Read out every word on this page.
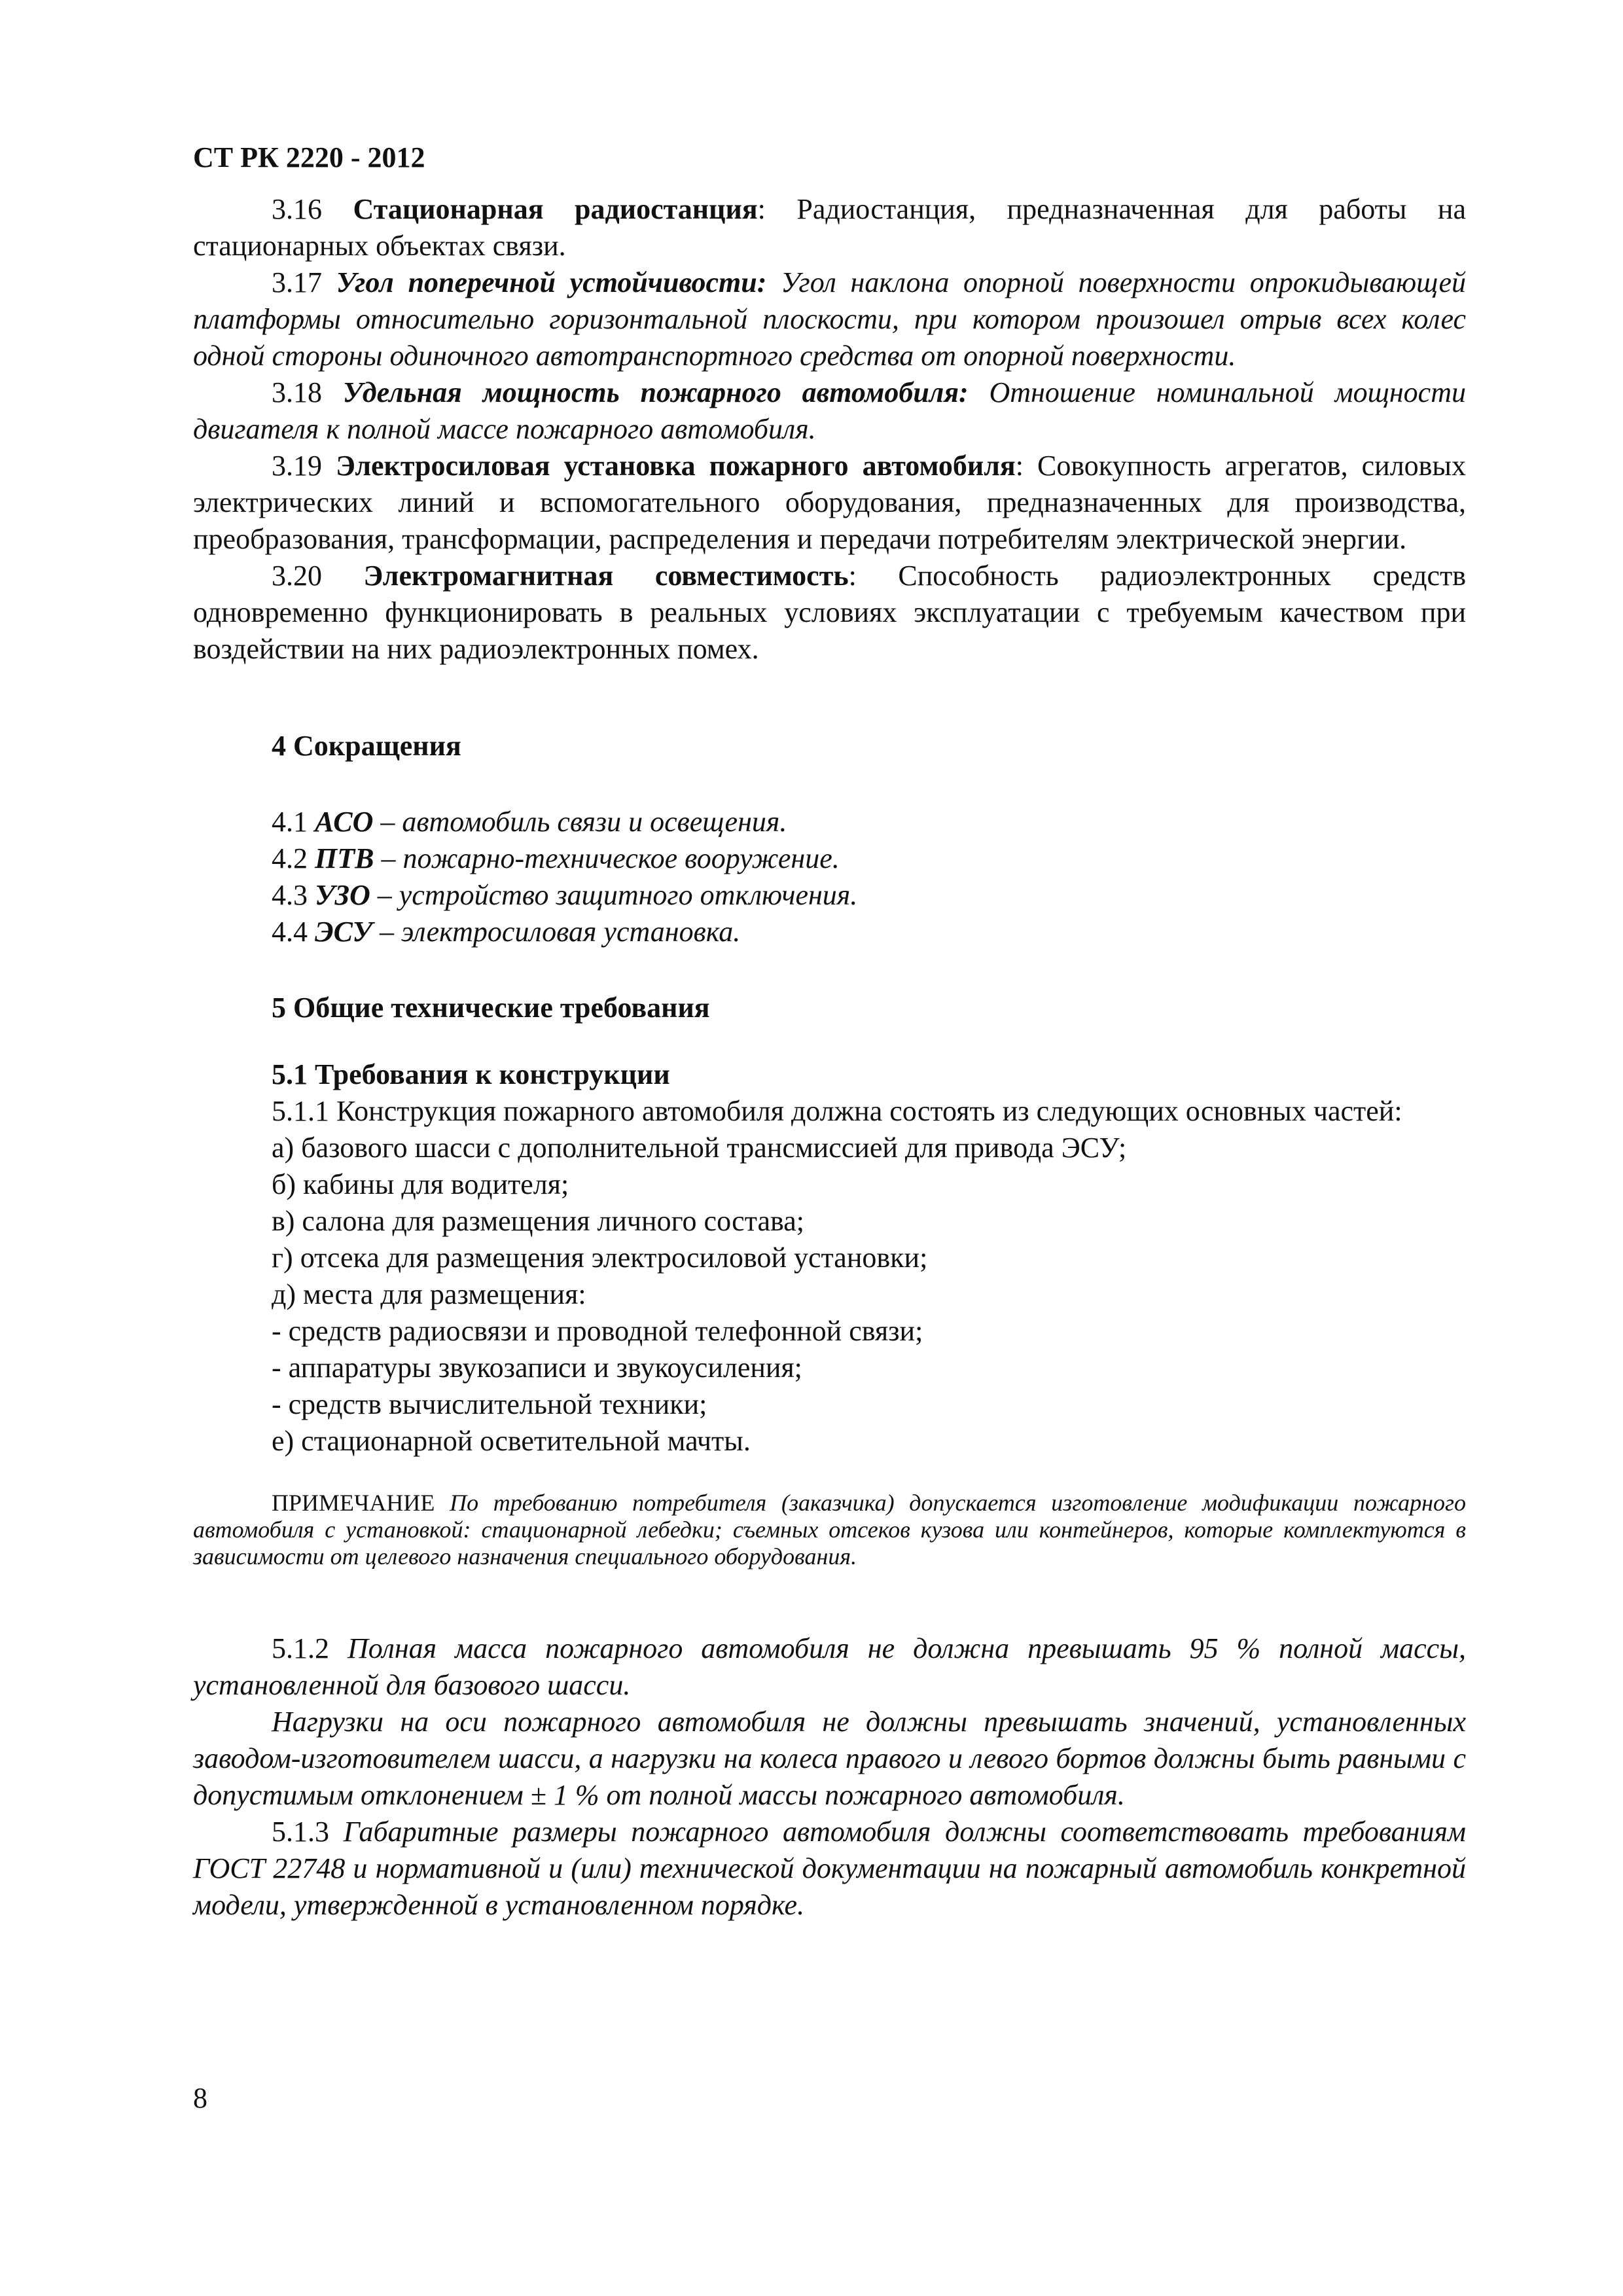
СТ РК 2220 - 2012

3.16 Стационарная радиостанция: Радиостанция, предназначенная для работы на стационарных объектах связи.

3.17 Угол поперечной устойчивости: Угол наклона опорной поверхности опрокидывающей платформы относительно горизонтальной плоскости, при котором произошел отрыв всех колес одной стороны одиночного автотранспортного средства от опорной поверхности.

3.18 Удельная мощность пожарного автомобиля: Отношение номинальной мощности двигателя к полной массе пожарного автомобиля.

3.19 Электросиловая установка пожарного автомобиля: Совокупность агрегатов, силовых электрических линий и вспомогательного оборудования, предназначенных для производства, преобразования, трансформации, распределения и передачи потребителям электрической энергии.

3.20 Электромагнитная совместимость: Способность радиоэлектронных средств одновременно функционировать в реальных условиях эксплуатации с требуемым качеством при воздействии на них радиоэлектронных помех.

4 Сокращения

4.1 АСО – автомобиль связи и освещения.

4.2 ПТВ – пожарно-техническое вооружение.

4.3 УЗО – устройство защитного отключения.

4.4 ЭСУ – электросиловая установка.

5 Общие технические требования

5.1 Требования к конструкции

5.1.1 Конструкция пожарного автомобиля должна состоять из следующих основных частей:

а) базового шасси с дополнительной трансмиссией для привода ЭСУ;

б) кабины для водителя;

в) салона для размещения личного состава;

г) отсека для размещения электросиловой установки;

д) места для размещения:

- средств радиосвязи и проводной телефонной связи;

- аппаратуры звукозаписи и звукоусиления;

- средств вычислительной техники;

е) стационарной осветительной мачты.

ПРИМЕЧАНИЕ По требованию потребителя (заказчика) допускается изготовление модификации пожарного автомобиля с установкой: стационарной лебедки; съемных отсеков кузова или контейнеров, которые комплектуются в зависимости от целевого назначения специального оборудования.

5.1.2 Полная масса пожарного автомобиля не должна превышать 95 % полной массы, установленной для базового шасси.

Нагрузки на оси пожарного автомобиля не должны превышать значений, установленных заводом-изготовителем шасси, а нагрузки на колеса правого и левого бортов должны быть равными с допустимым отклонением ± 1 % от полной массы пожарного автомобиля.

5.1.3 Габаритные размеры пожарного автомобиля должны соответствовать требованиям ГОСТ 22748 и нормативной и (или) технической документации на пожарный автомобиль конкретной модели, утвержденной в установленном порядке.

8
